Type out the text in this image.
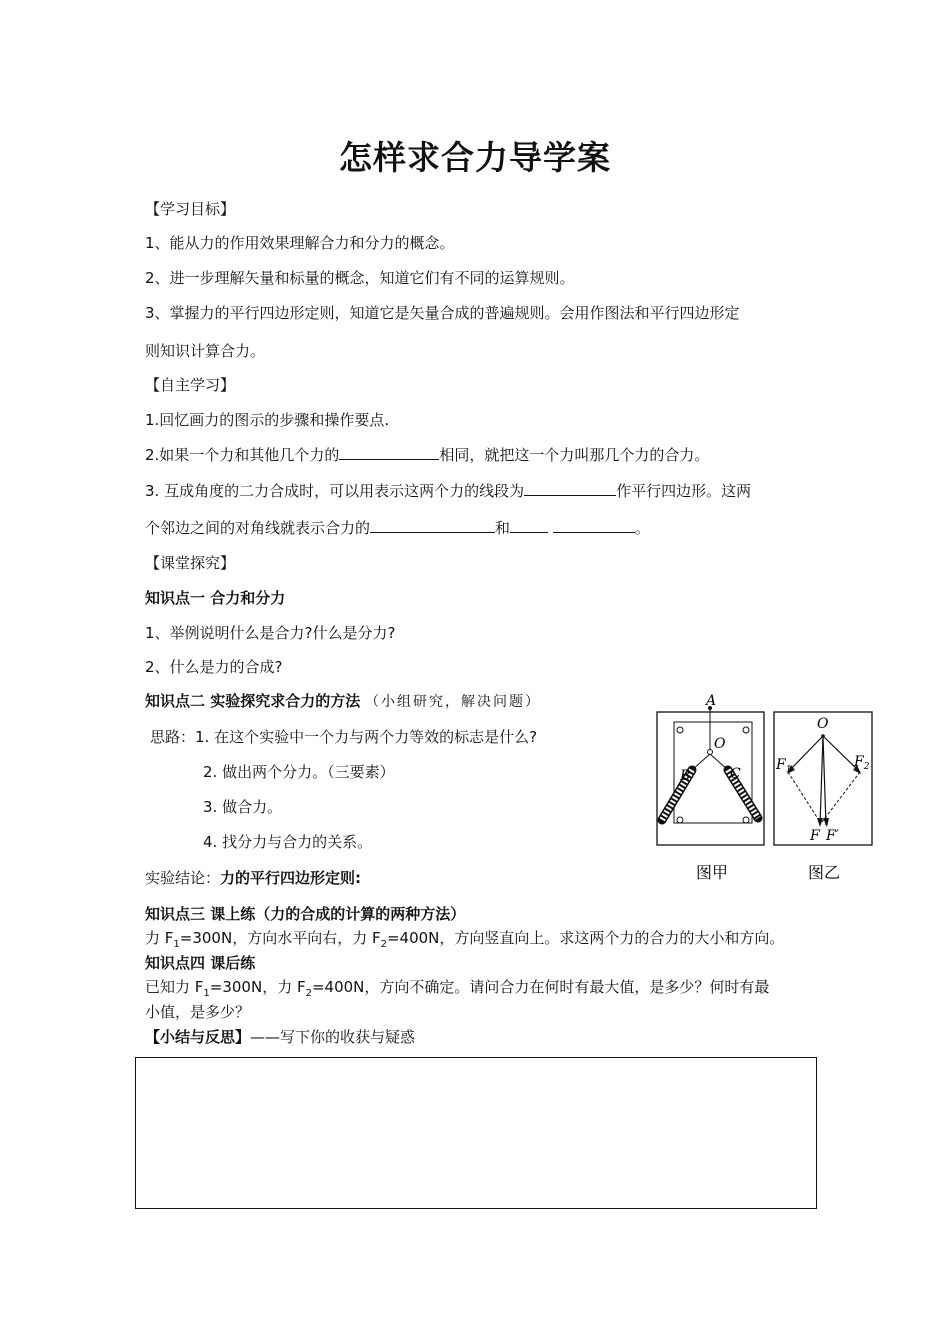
怎样求合力导学案
【学习目标】
1、能从力的作用效果理解合力和分力的概念。
2、进一步理解矢量和标量的概念，知道它们有不同的运算规则。
3、掌握力的平行四边形定则，知道它是矢量合成的普遍规则。会用作图法和平行四边形定
则知识计算合力。
【自主学习】
1.回忆画力的图示的步骤和操作要点.
2.如果一个力和其他几个力的	相同，就把这一个力叫那几个力的合力。
3. 互成角度的二力合成时，可以用表示这两个力的线段为	作平行四边形。这两
个邻边之间的对角线就表示合力的	和	。
【课堂探究】
知识点一 合力和分力
1、举例说明什么是合力?什么是分力?
2、什么是力的合成?
知识点二 实验探究求合力的方法 （小组研究，解决问题）
思路：1. 在这个实验中一个力与两个力等效的标志是什么?
2. 做出两个分力。（三要素）
3. 做合力。
4. 找分力与合力的关系。
实验结论：力的平行四边形定则:
知识点三 课上练（力的合成的计算的两种方法）
力 $F_1=300N$，方向水平向右，力 $F_2=400N$，方向竖直向上。求这两个力的合力的大小和方向。
知识点四 课后练
已知力 $F_1=300N$，力 $F_2=400N$，方向不确定。请问合力在何时有最大值，是多少？何时有最
小值，是多少？
【小结与反思】——写下你的收获与疑惑
A
O
B	C
图甲
O
$F_1$	$F_2$
F F′
图乙
